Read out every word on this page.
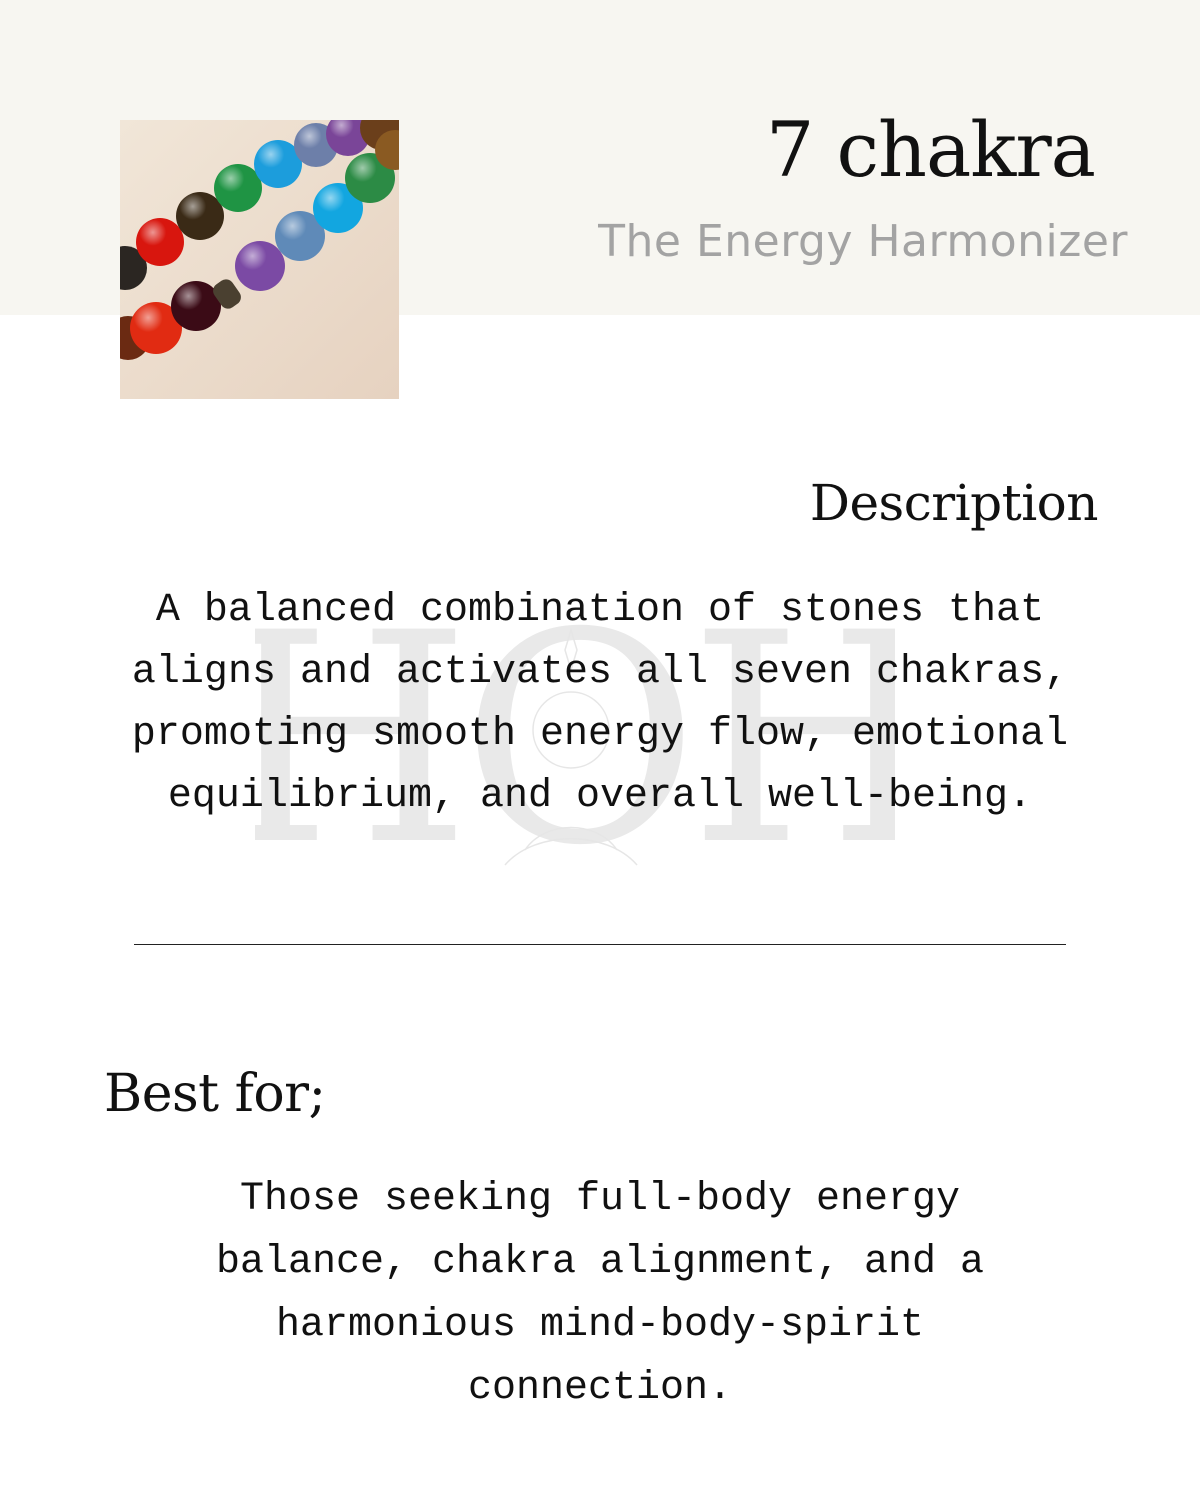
7 chakra
The Energy Harmonizer
HOH
Description

A balanced combination of stones that aligns and activates all seven chakras, promoting smooth energy flow, emotional equilibrium, and overall well-being.

Best for;

Those seeking full-body energy balance, chakra alignment, and a harmonious mind-body-spirit connection.
